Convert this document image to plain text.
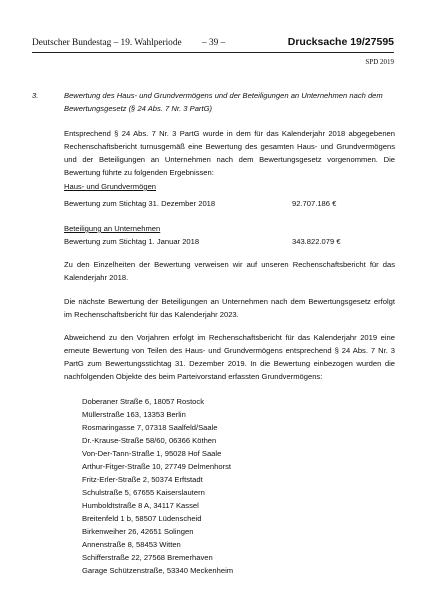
Deutscher Bundestag – 19. Wahlperiode – 39 –	Drucksache 19/27595
SPD 2019
3.	Bewertung des Haus- und Grundvermögens und der Beteiligungen an Unternehmen nach dem Bewertungsgesetz (§ 24 Abs. 7 Nr. 3 PartG)

Entsprechend § 24 Abs. 7 Nr. 3 PartG wurde in dem für das Kalenderjahr 2018 abgegebenen Rechenschaftsbericht turnusgemäß eine Bewertung des gesamten Haus- und Grundvermögens und der Beteiligungen an Unternehmen nach dem Bewertungsgesetz vorgenommen. Die Bewertung führte zu folgenden Ergebnissen:

Haus- und Grundvermögen

Bewertung zum Stichtag 31. Dezember 2018	92.707.186 €

Beteiligung an Unternehmen

Bewertung zum Stichtag 1. Januar 2018	343.822.079 €

Zu den Einzelheiten der Bewertung verweisen wir auf unseren Rechenschaftsbericht für das Kalenderjahr 2018.

Die nächste Bewertung der Beteiligungen an Unternehmen nach dem Bewertungsgesetz erfolgt im Rechenschaftsbericht für das Kalenderjahr 2023.

Abweichend zu den Vorjahren erfolgt im Rechenschaftsbericht für das Kalenderjahr 2019 eine erneute Bewertung von Teilen des Haus- und Grundvermögens entsprechend § 24 Abs. 7 Nr. 3 PartG zum Bewertungsstichtag 31. Dezember 2019. In die Bewertung einbezogen wurden die nachfolgenden Objekte des beim Parteivorstand erfassten Grundvermögens:

Doberaner Straße 6, 18057 Rostock
Müllerstraße 163, 13353 Berlin
Rosmaringasse 7, 07318 Saalfeld/Saale
Dr.-Krause-Straße 58/60, 06366 Köthen
Von-Der-Tann-Straße 1, 95028 Hof Saale
Arthur-Fitger-Straße 10, 27749 Delmenhorst
Fritz-Erler-Straße 2, 50374 Erftstadt
Schulstraße 5, 67655 Kaiserslautern
Humboldtstraße 8 A, 34117 Kassel
Breitenfeld 1 b, 58507 Lüdenscheid
Birkenweiher 26, 42651 Solingen
Annenstraße 8, 58453 Witten
Schifferstraße 22, 27568 Bremerhaven
Garage Schützenstraße, 53340 Meckenheim
